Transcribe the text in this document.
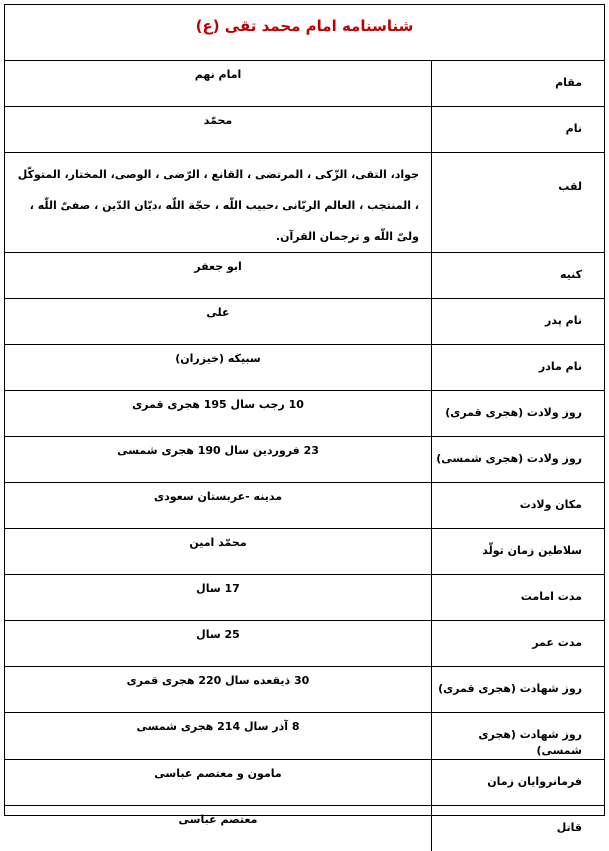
شناسنامه امام محمد تقی (ع)
مقام	امام نهم

نام	محمّد

لقب	جواد، التقی، الزّکی ، المرتضی ، القانع ، الرّضی ، الوصی، المختار، المتوکّل ، المنتجب ، العالم الربّانی ،حبیب اللّه ، حجّة اللّه ،دیّان الدّین ، صفیّ اللّه ، ولیّ اللّه و ترجمان القرآن.

کنیه	ابو جعفر

نام پدر	علی

نام مادر	سبیکه (خیزران)

روز ولادت (هجری قمری)	10 رجب سال 195 هجری قمری

روز ولادت (هجری شمسی)	23 فروردین سال 190 هجری شمسی

مکان ولادت	مدینه -عربستان سعودی

سلاطین زمان تولّد	محمّد امین

مدت امامت	17 سال

مدت عمر	25 سال

روز شهادت (هجری قمری)	30 ذیقعده سال 220 هجری قمری

روز شهادت (هجری شمسی)	8 آذر سال 214 هجری شمسی

فرمانروایان زمان	مامون و معتصم عباسی

قاتل	معتصم عباسی
